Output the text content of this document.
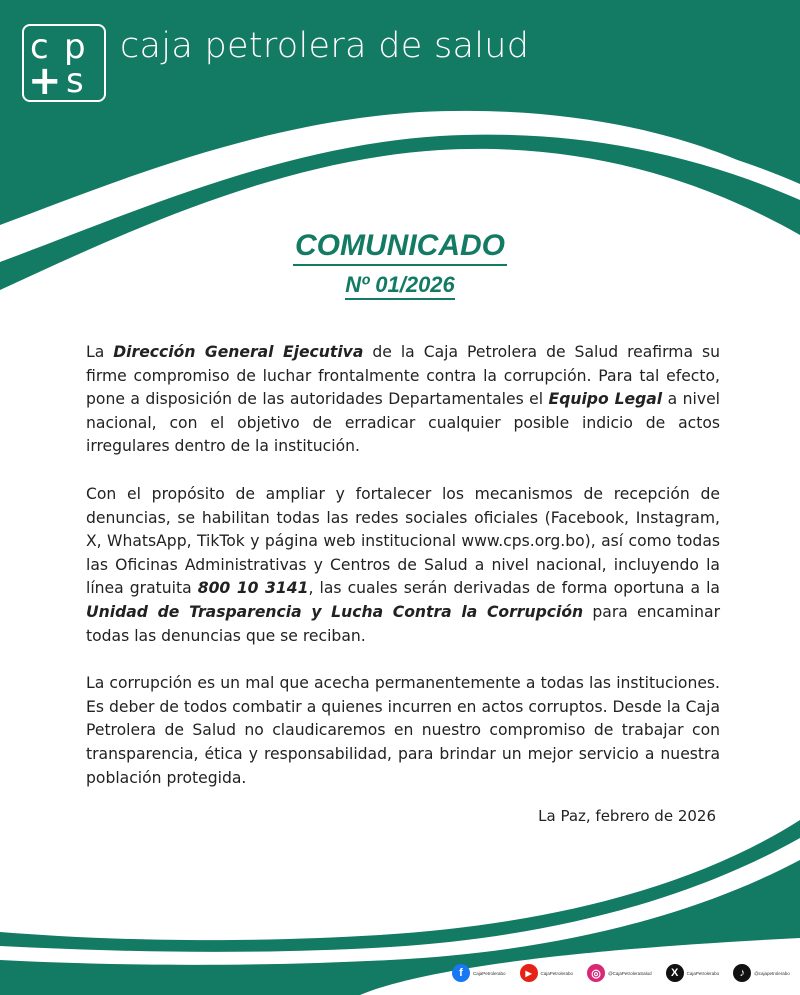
c p
+ s
caja petrolera de salud
COMUNICADO
Nº 01/2026

La Dirección General Ejecutiva de la Caja Petrolera de Salud reafirma su firme compromiso de luchar frontalmente contra la corrupción. Para tal efecto, pone a disposición de las autoridades Departamentales el Equipo Legal a nivel nacional, con el objetivo de erradicar cualquier posible indicio de actos irregulares dentro de la institución.

Con el propósito de ampliar y fortalecer los mecanismos de recepción de denuncias, se habilitan todas las redes sociales oficiales (Facebook, Instagram, X, WhatsApp, TikTok y página web institucional www.cps.org.bo), así como todas las Oficinas Administrativas y Centros de Salud a nivel nacional, incluyendo la línea gratuita 800 10 3141, las cuales serán derivadas de forma oportuna a la Unidad de Trasparencia y Lucha Contra la Corrupción para encaminar todas las denuncias que se reciban.

La corrupción es un mal que acecha permanentemente a todas las instituciones. Es deber de todos combatir a quienes incurren en actos corruptos. Desde la Caja Petrolera de Salud no claudicaremos en nuestro compromiso de trabajar con transparencia, ética y responsabilidad, para brindar un mejor servicio a nuestra población protegida.

La Paz, febrero de 2026
f	CajaPetrolerabo	▶	CajaPetrolerabo	◎	@CajaPetroleraSalud	X	CajaPetrolerabo	♪	@cajapetrolerabo
